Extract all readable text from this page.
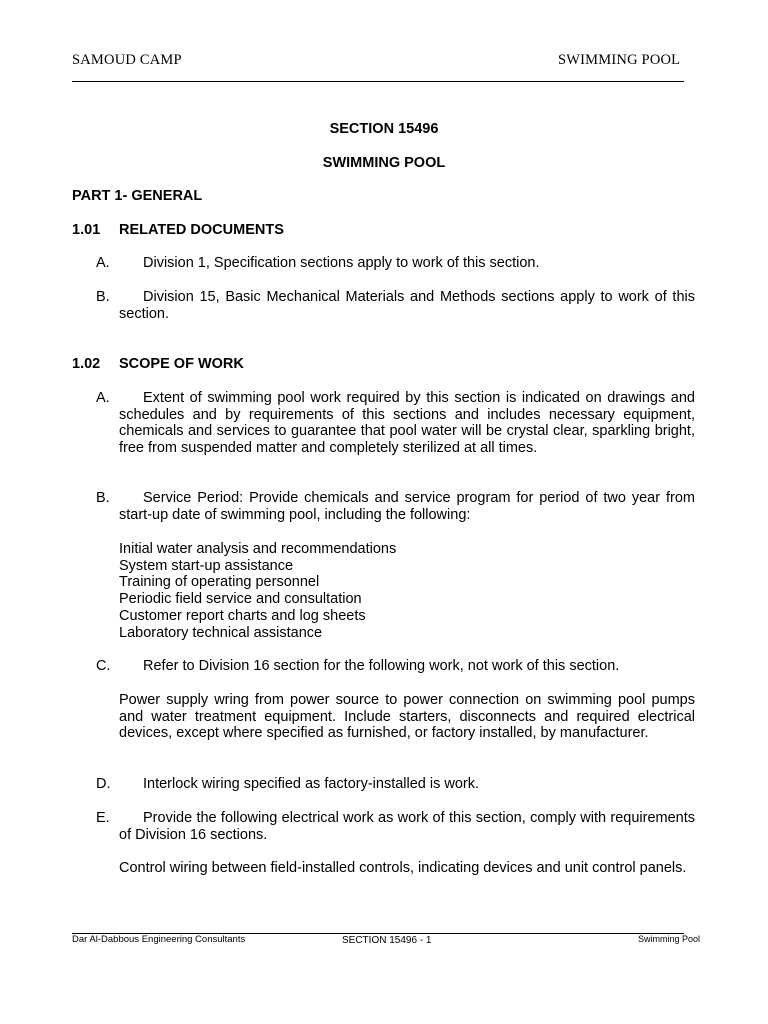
SAMOUD CAMP	SWIMMING POOL
SECTION 15496
SWIMMING POOL
PART 1- GENERAL
1.01 RELATED DOCUMENTS
A.	Division 1, Specification sections apply to work of this section.
B.	Division 15, Basic Mechanical Materials and Methods sections apply to work of this section.
1.02 SCOPE OF WORK
A.	Extent of swimming pool work required by this section is indicated on drawings and schedules and by requirements of this sections and includes necessary equipment, chemicals and services to guarantee that pool water will be crystal clear, sparkling bright, free from suspended matter and completely sterilized at all times.
B.	Service Period: Provide chemicals and service program for period of two year from start-up date of swimming pool, including the following:
Initial water analysis and recommendations
System start-up assistance
Training of operating personnel
Periodic field service and consultation
Customer report charts and log sheets
Laboratory technical assistance
C.	Refer to Division 16 section for the following work, not work of this section.
Power supply wring from power source to power connection on swimming pool pumps and water treatment equipment. Include starters, disconnects and required electrical devices, except where specified as furnished, or factory installed, by manufacturer.
D.	Interlock wiring specified as factory-installed is work.
E.	Provide the following electrical work as work of this section, comply with requirements of Division 16 sections.
Control wiring between field-installed controls, indicating devices and unit control panels.
Dar Al-Dabbous Engineering Consultants	SECTION 15496 - 1	Swimming Pool
